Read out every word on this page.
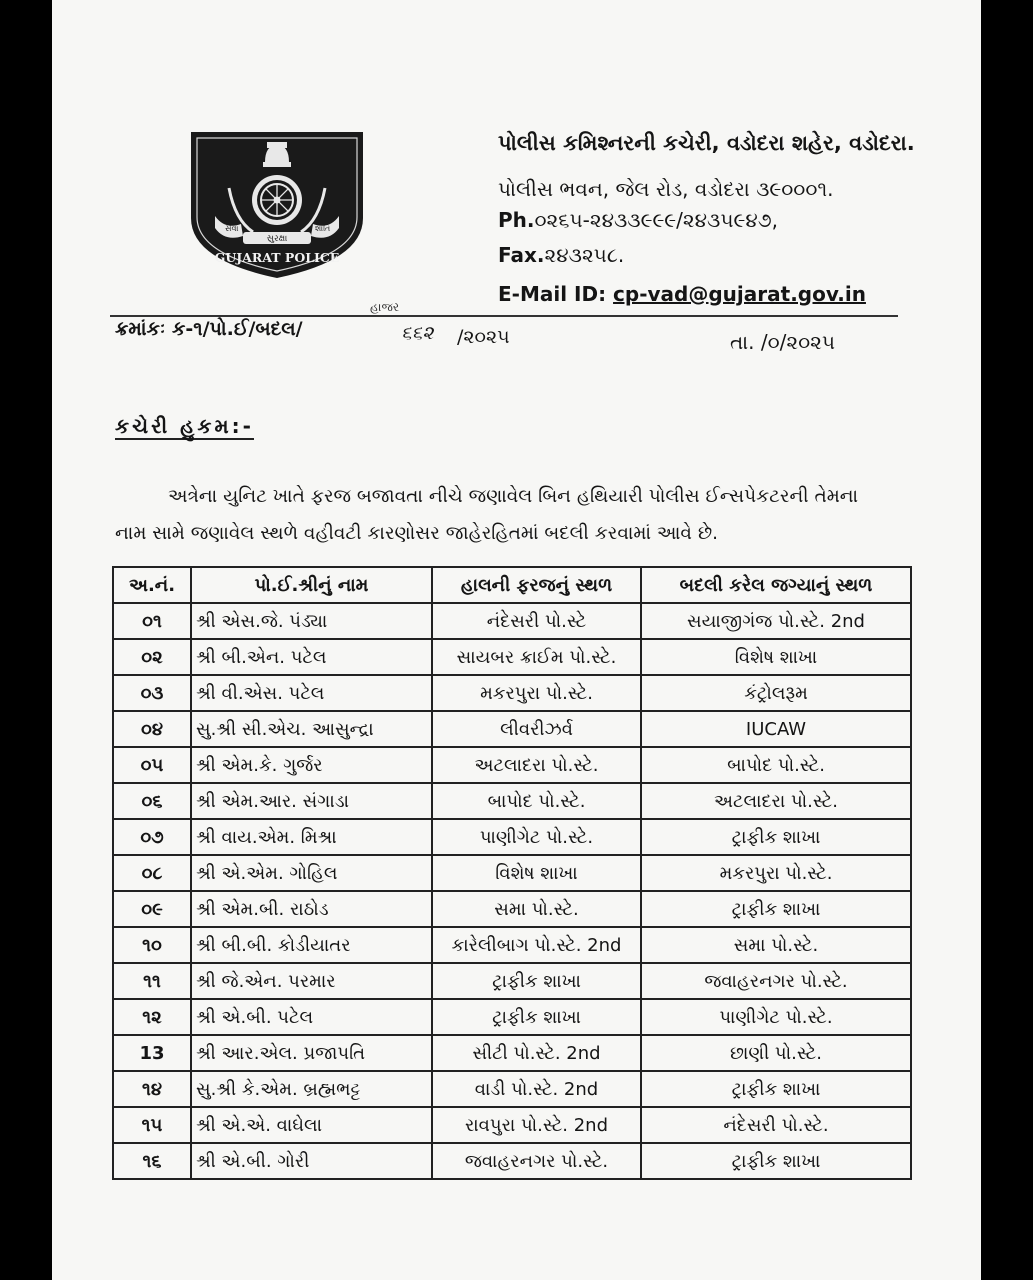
સેવા	શાંતિ
સુરક્ષા
GUJARAT POLICE
પોલીસ કમિશ્નરની કચેરી, વડોદરા શહેર, વડોદરા.
પોલીસ ભવન, જેલ રોડ, વડોદરા ૩૯૦૦૦૧.
Ph.૦૨૬૫-૨૪૩૩૯૯૯/૨૪૩૫૯૪૭,
Fax.૨૪૩૨૫૮.
E-Mail ID: cp-vad@gujarat.gov.in
ક્રમાંકઃ ક-૧/પો.ઈ/બદલ/
હાજર
૬૬૨ /૨૦૨૫	તા. /૦/૨૦૨૫
કચેરી હુકમ:-
અત્રેના યુનિટ ખાતે ફરજ બજાવતા નીચે જણાવેલ બિન હથિયારી પોલીસ ઈન્સપેકટરની તેમના
નામ સામે જણાવેલ સ્થળે વહીવટી કારણોસર જાહેરહિતમાં બદલી કરવામાં આવે છે.
અ.નં.	પો.ઈ.શ્રીનું નામ	હાલની ફરજનું સ્થળ	બદલી કરેલ જગ્યાનું સ્થળ
૦૧	શ્રી એસ.જે. પંડ્યા	નંદેસરી પો.સ્ટે	સયાજીગંજ પો.સ્ટે. 2nd
૦૨	શ્રી બી.એન. પટેલ	સાયબર ક્રાઈમ પો.સ્ટે.	વિશેષ શાખા
૦૩	શ્રી વી.એસ. પટેલ	મકરપુરા પો.સ્ટે.	કંટ્રોલરૂમ
૦૪	સુ.શ્રી સી.એચ. આસુન્દ્રા	લીવરીઝર્વ	IUCAW
૦૫	શ્રી એમ.કે. ગુર્જર	અટલાદરા પો.સ્ટે.	બાપોદ પો.સ્ટે.
૦૬	શ્રી એમ.આર. સંગાડા	બાપોદ પો.સ્ટે.	અટલાદરા પો.સ્ટે.
૦૭	શ્રી વાય.એમ. મિશ્રા	પાણીગેટ પો.સ્ટે.	ટ્રાફીક શાખા
૦૮	શ્રી એ.એમ. ગોહિલ	વિશેષ શાખા	મકરપુરા પો.સ્ટે.
૦૯	શ્રી એમ.બી. રાઠોડ	સમા પો.સ્ટે.	ટ્રાફીક શાખા
૧૦	શ્રી બી.બી. કોડીયાતર	કારેલીબાગ પો.સ્ટે. 2nd	સમા પો.સ્ટે.
૧૧	શ્રી જે.એન. પરમાર	ટ્રાફીક શાખા	જવાહરનગર પો.સ્ટે.
૧૨	શ્રી એ.બી. પટેલ	ટ્રાફીક શાખા	પાણીગેટ પો.સ્ટે.
13	શ્રી આર.એલ. પ્રજાપતિ	સીટી પો.સ્ટે. 2nd	છાણી પો.સ્ટે.
૧૪	સુ.શ્રી કે.એમ. બ્રહ્મભટ્ટ	વાડી પો.સ્ટે. 2nd	ટ્રાફીક શાખા
૧૫	શ્રી એ.એ. વાઘેલા	રાવપુરા પો.સ્ટે. 2nd	નંદેસરી પો.સ્ટે.
૧૬	શ્રી એ.બી. ગોરી	જવાહરનગર પો.સ્ટે.	ટ્રાફીક શાખા
